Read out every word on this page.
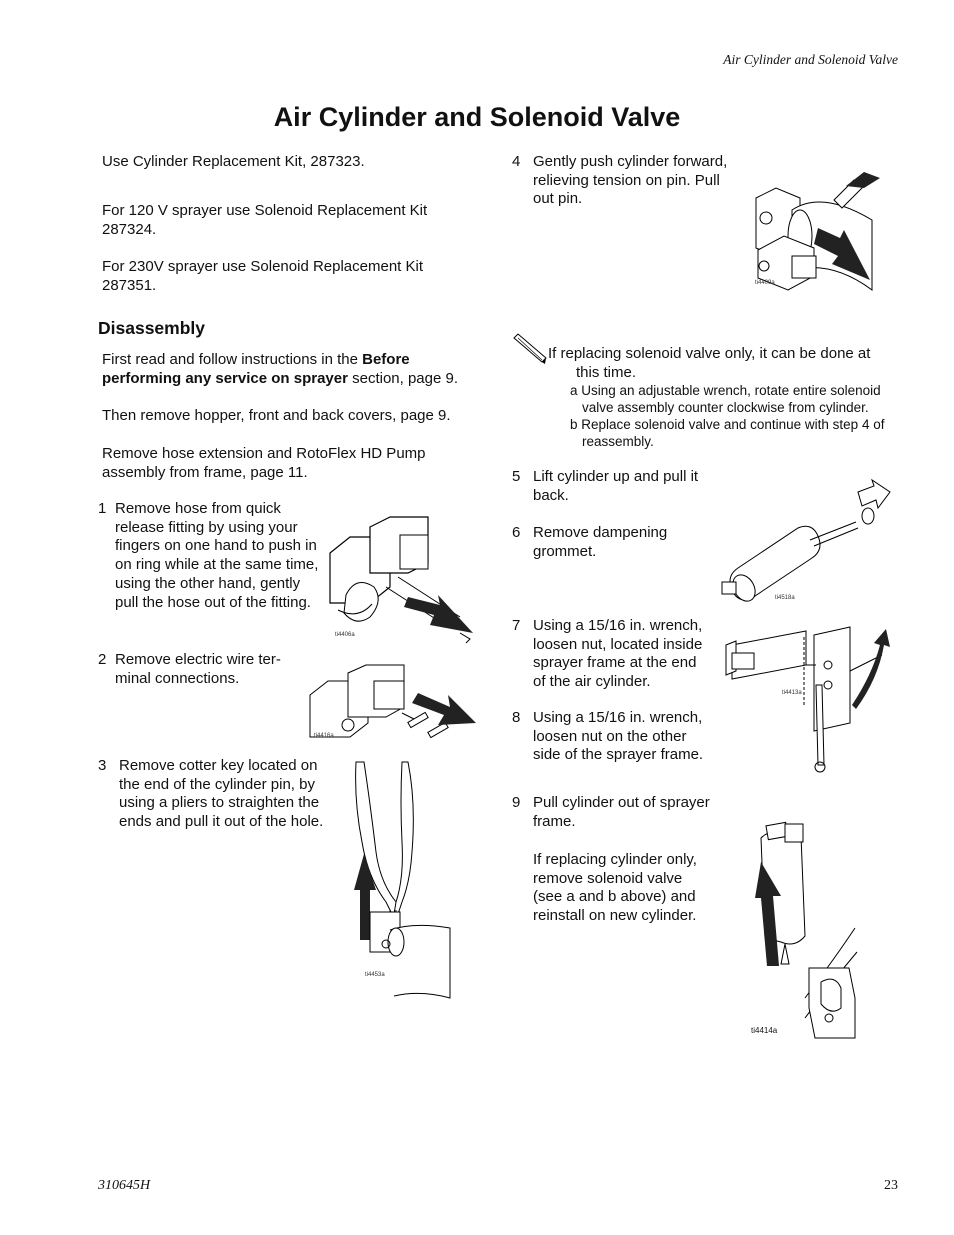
Air Cylinder and Solenoid Valve
Air Cylinder and Solenoid Valve
Use Cylinder Replacement Kit, 287323.
For 120 V sprayer use Solenoid Replacement Kit 287324.
For 230V sprayer use Solenoid Replacement Kit 287351.
Disassembly
First read and follow instructions in the Before performing any service on sprayer section, page 9.
Then remove hopper, front and back covers, page 9.
Remove hose extension and RotoFlex HD Pump assembly from frame, page 11.
1 Remove hose from quick release fitting by using your fingers on one hand to push in on ring while at the same time, using the other hand, gently pull the hose out of the fitting.
2 Remove electric wire ter- minal connections.
3 Remove cotter key located on the end of the cylinder pin, by using a pliers to straighten the ends and pull it out of the hole.
ti4406a
ti4416a
ti4453a
4 Gently push cylinder forward, relieving tension on pin. Pull out pin.
ti4409a
If replacing solenoid valve only, it can be done at this time.
a Using an adjustable wrench, rotate entire solenoid valve assembly counter clockwise from cylinder.
b Replace solenoid valve and continue with step 4 of reassembly.
5 Lift cylinder up and pull it back.
6 Remove dampening grommet.
ti4518a
7 Using a 15/16 in. wrench, loosen nut, located inside sprayer frame at the end of the air cylinder.
8 Using a 15/16 in. wrench, loosen nut on the other side of the sprayer frame.
ti4413a
9 Pull cylinder out of sprayer frame.
If replacing cylinder only, remove solenoid valve (see a and b above) and reinstall on new cylinder.
ti4414a
310645H	23
